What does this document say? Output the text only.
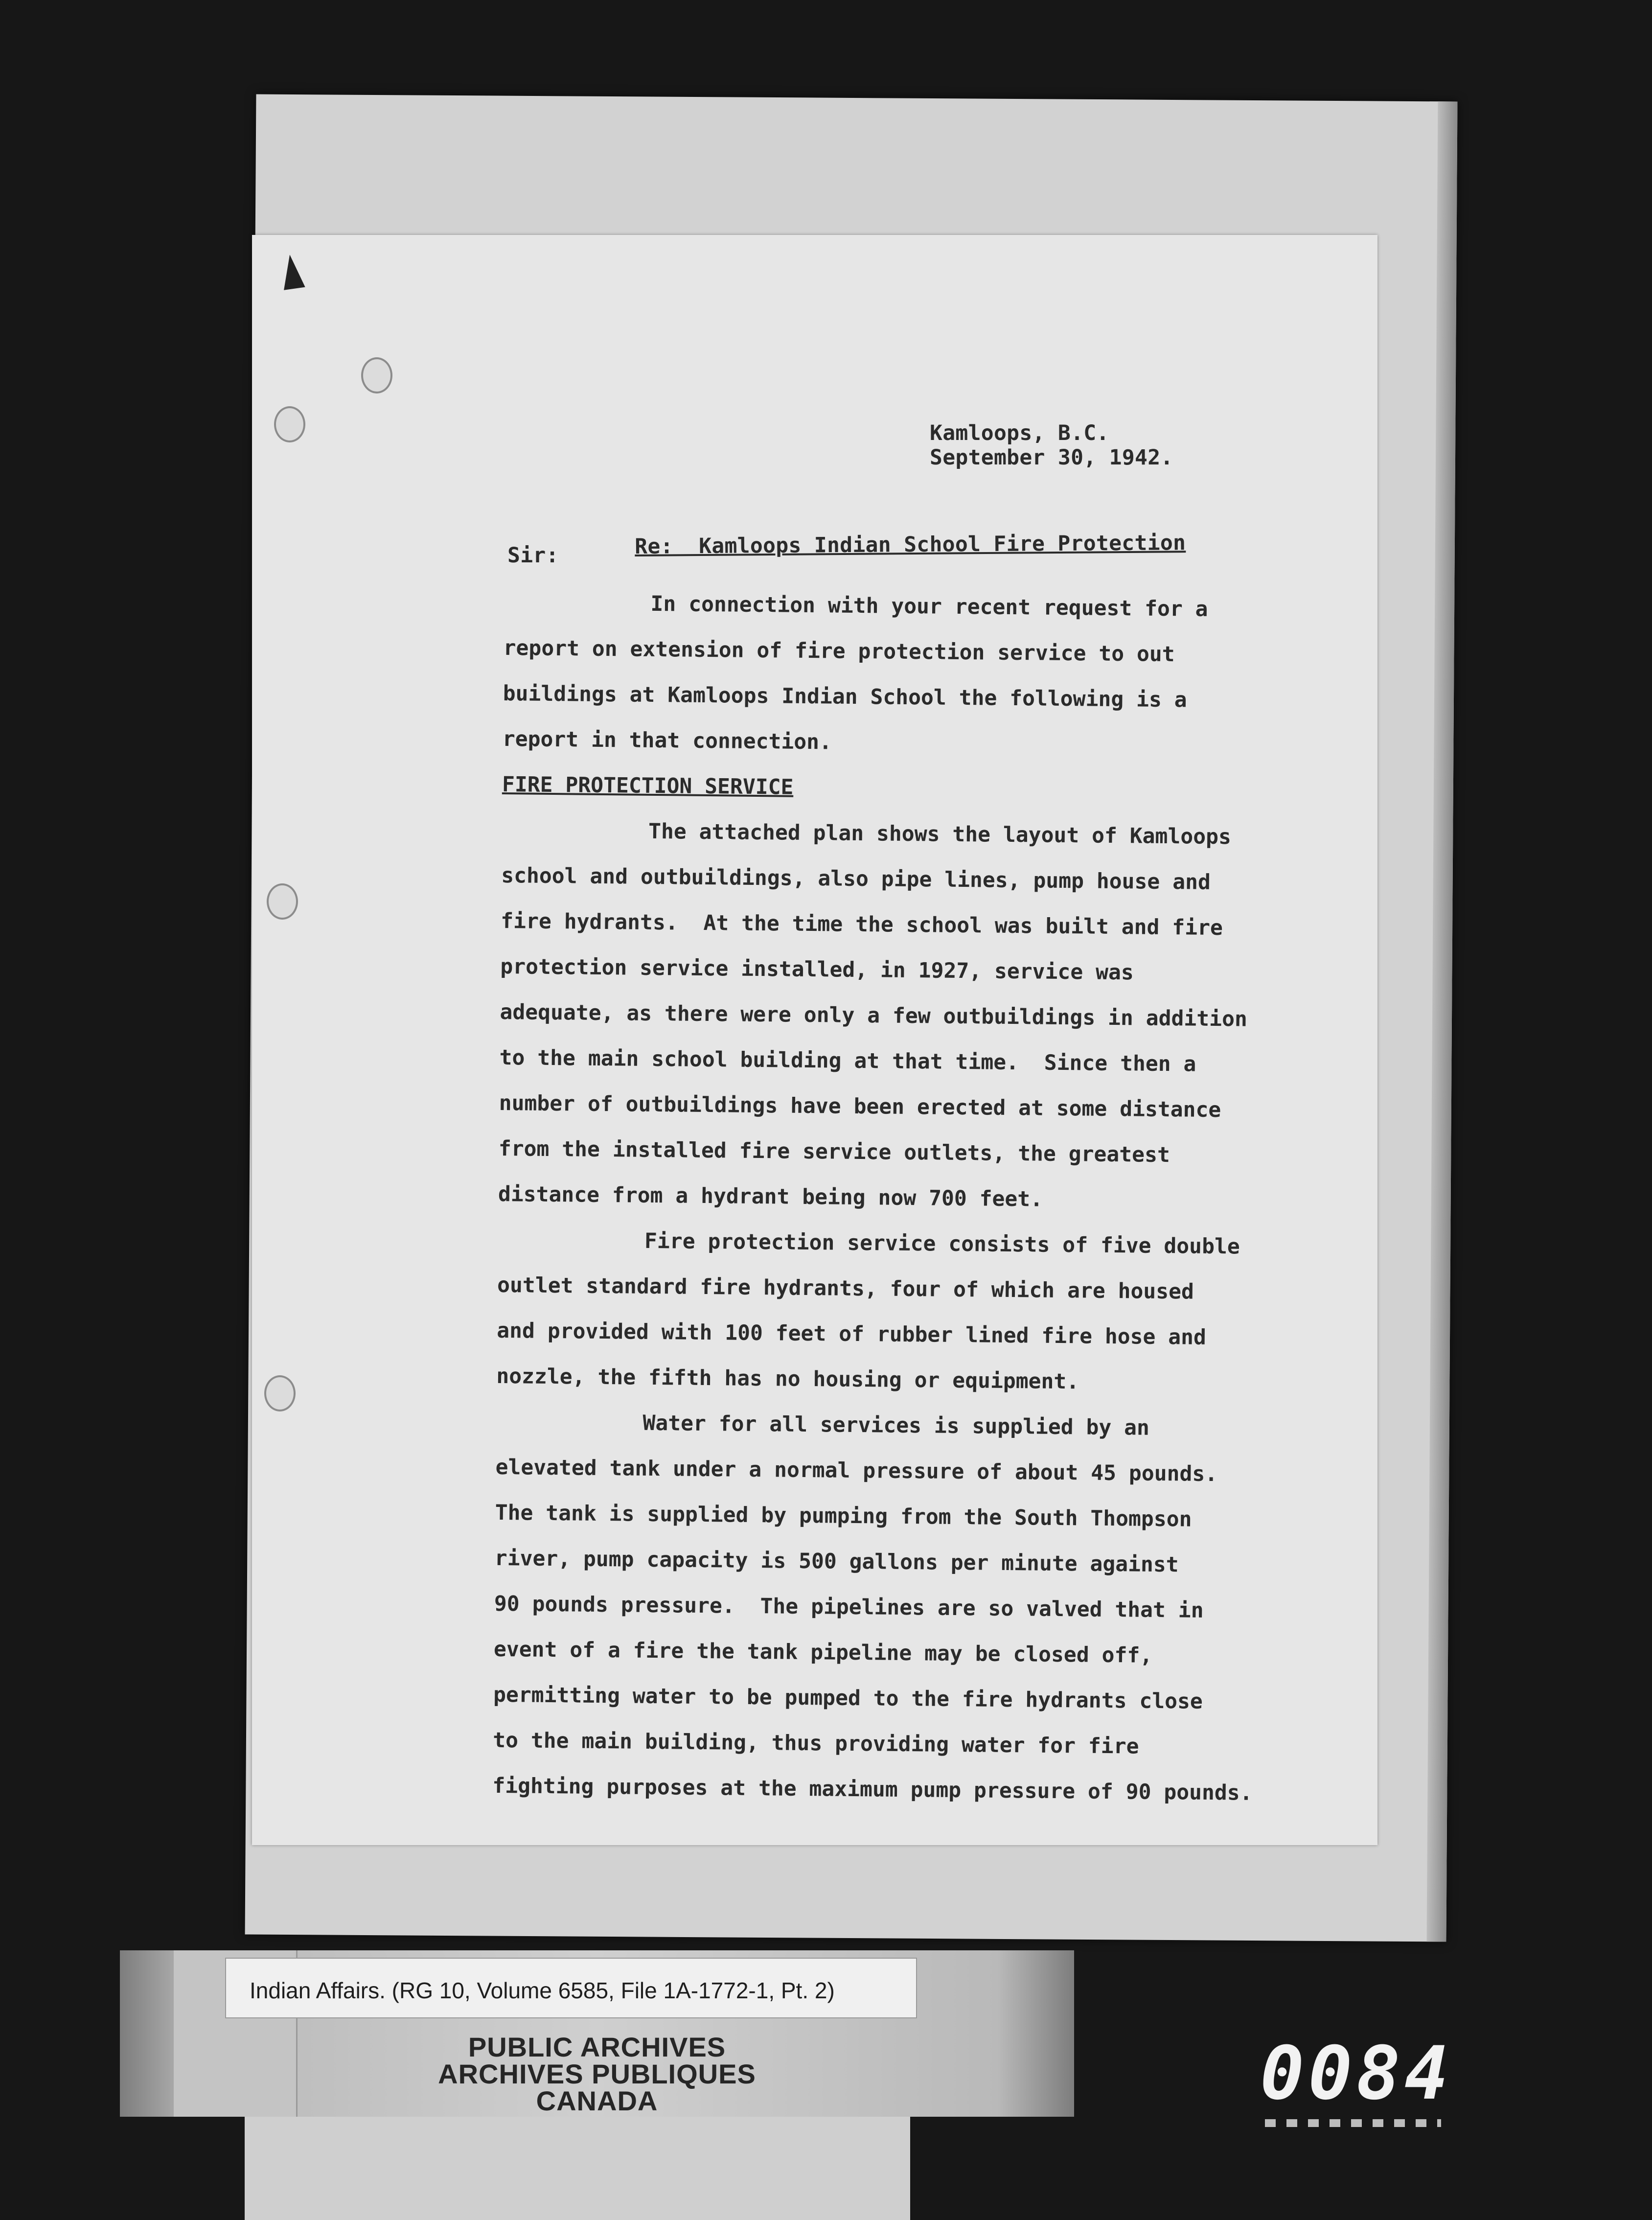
Kamloops, B.C.
September 30, 1942.
Sir:	Re:  Kamloops Indian School Fire Protection
In connection with your recent request for a
report on extension of fire protection service to out
buildings at Kamloops Indian School the following is a
report in that connection.
FIRE PROTECTION SERVICE
The attached plan shows the layout of Kamloops
school and outbuildings, also pipe lines, pump house and
fire hydrants.  At the time the school was built and fire
protection service installed, in 1927, service was
adequate, as there were only a few outbuildings in addition
to the main school building at that time.  Since then a
number of outbuildings have been erected at some distance
from the installed fire service outlets, the greatest
distance from a hydrant being now 700 feet.
Fire protection service consists of five double
outlet standard fire hydrants, four of which are housed
and provided with 100 feet of rubber lined fire hose and
nozzle, the fifth has no housing or equipment.
Water for all services is supplied by an
elevated tank under a normal pressure of about 45 pounds.
The tank is supplied by pumping from the South Thompson
river, pump capacity is 500 gallons per minute against
90 pounds pressure.  The pipelines are so valved that in
event of a fire the tank pipeline may be closed off,
permitting water to be pumped to the fire hydrants close
to the main building, thus providing water for fire
fighting purposes at the maximum pump pressure of 90 pounds.
Indian Affairs. (RG 10, Volume 6585, File 1A-1772-1, Pt. 2)
PUBLIC ARCHIVES
ARCHIVES PUBLIQUES
CANADA	0084
